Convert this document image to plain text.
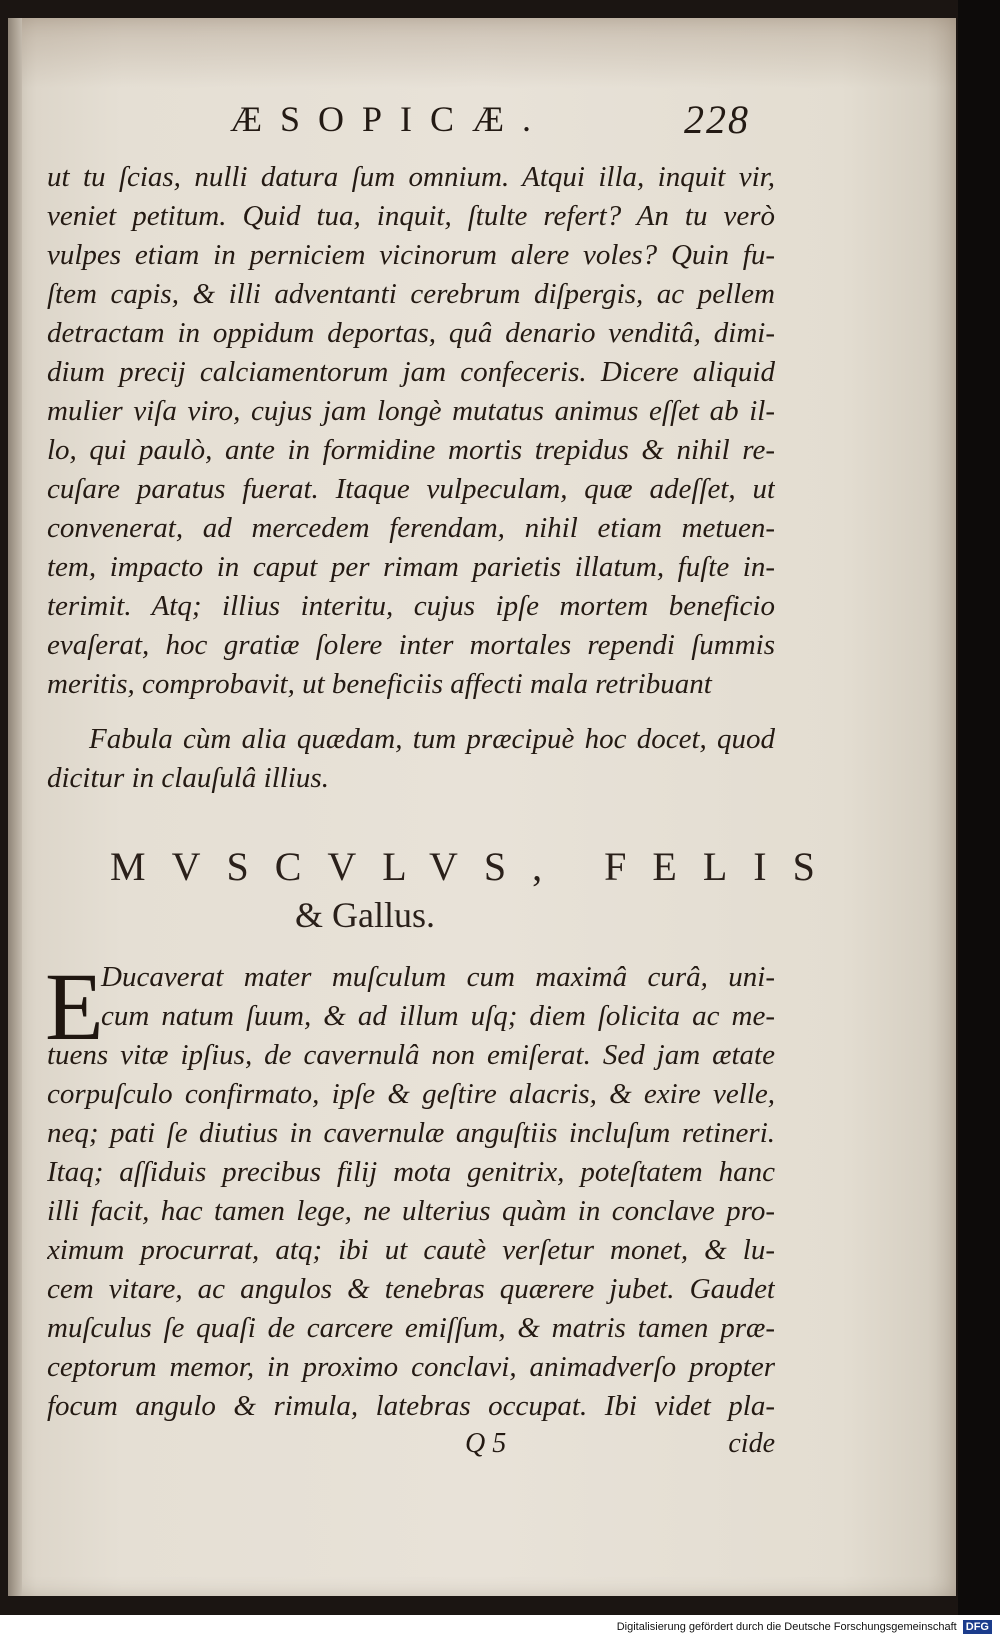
ÆSOPICÆ.	228
ut tu ſcias, nulli datura ſum omnium. Atqui illa, inquit vir,
veniet petitum. Quid tua, inquit, ſtulte refert? An tu verò
vulpes etiam in perniciem vicinorum alere voles? Quin fu-
ſtem capis, & illi adventanti cerebrum diſpergis, ac pellem
detractam in oppidum deportas, quâ denario venditâ, dimi-
dium precij calciamentorum jam confeceris. Dicere aliquid
mulier viſa viro, cujus jam longè mutatus animus eſſet ab il-
lo, qui paulò, ante in formidine mortis trepidus & nihil re-
cuſare paratus fuerat. Itaque vulpeculam, quæ adeſſet, ut
convenerat, ad mercedem ferendam, nihil etiam metuen-
tem, impacto in caput per rimam parietis illatum, fuſte in-
terimit. Atq; illius interitu, cujus ipſe mortem beneficio
evaſerat, hoc gratiæ ſolere inter mortales rependi ſummis
meritis, comprobavit, ut beneficiis affecti mala retribuant
Fabula cùm alia quædam, tum præcipuè hoc docet, quod
dicitur in clauſulâ illius.
MVSCVLVS, FELIS
& Gallus.
E
Ducaverat mater muſculum cum maximâ curâ, uni-
cum natum ſuum, & ad illum uſq; diem ſolicita ac me-
tuens vitæ ipſius, de cavernulâ non emiſerat. Sed jam ætate
corpuſculo confirmato, ipſe & geſtire alacris, & exire velle,
neq; pati ſe diutius in cavernulæ anguſtiis incluſum retineri.
Itaq; aſſiduis precibus filij mota genitrix, poteſtatem hanc
illi facit, hac tamen lege, ne ulterius quàm in conclave pro-
ximum procurrat, atq; ibi ut cautè verſetur monet, & lu-
cem vitare, ac angulos & tenebras quærere jubet. Gaudet
muſculus ſe quaſi de carcere emiſſum, & matris tamen præ-
ceptorum memor, in proximo conclavi, animadverſo propter
focum angulo & rimula, latebras occupat. Ibi videt pla-
Q 5	cide
Digitalisierung gefördert durch die Deutsche Forschungsgemeinschaft DFG
